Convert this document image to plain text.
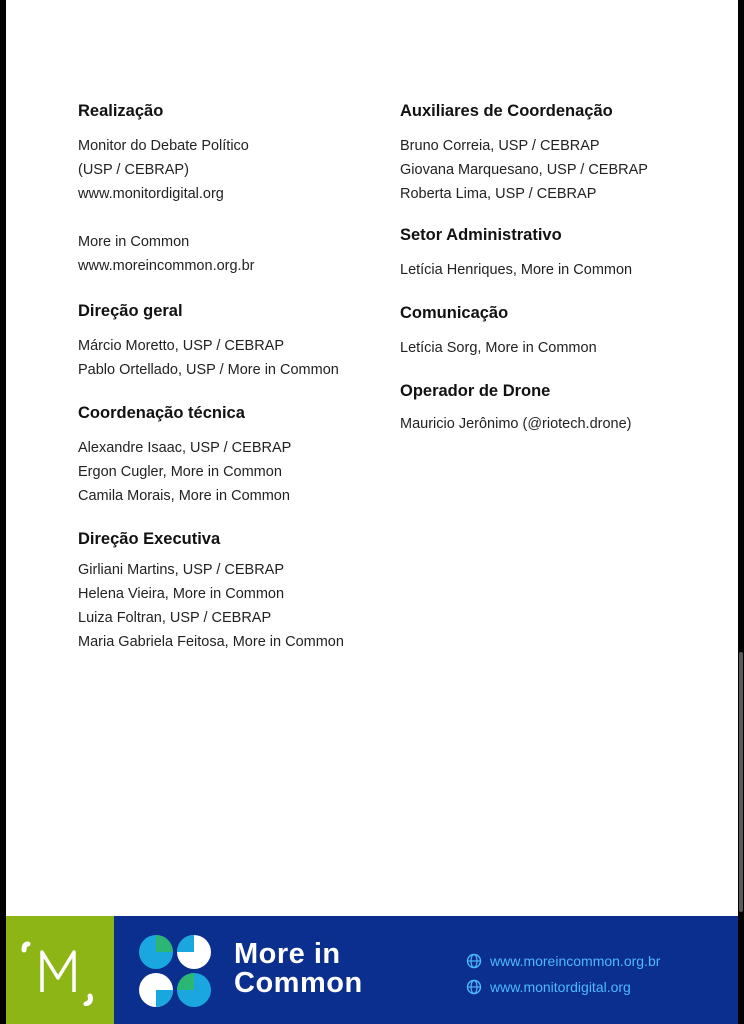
Realização
Monitor do Debate Político
(USP / CEBRAP)
www.monitordigital.org
More in Common
www.moreincommon.org.br
Direção geral
Márcio Moretto, USP / CEBRAP
Pablo Ortellado, USP / More in Common
Coordenação técnica
Alexandre Isaac, USP / CEBRAP
Ergon Cugler, More in Common
Camila Morais, More in Common
Direção Executiva
Girliani Martins, USP / CEBRAP
Helena Vieira, More in Common
Luiza Foltran, USP / CEBRAP
Maria Gabriela Feitosa, More in Common
Auxiliares de Coordenação
Bruno Correia, USP / CEBRAP
Giovana Marquesano, USP / CEBRAP
Roberta Lima, USP / CEBRAP
Setor Administrativo
Letícia Henriques, More in Common
Comunicação
Letícia Sorg, More in Common
Operador de Drone
Mauricio Jerônimo (@riotech.drone)
More in
Common
www.moreincommon.org.br
www.monitordigital.org
